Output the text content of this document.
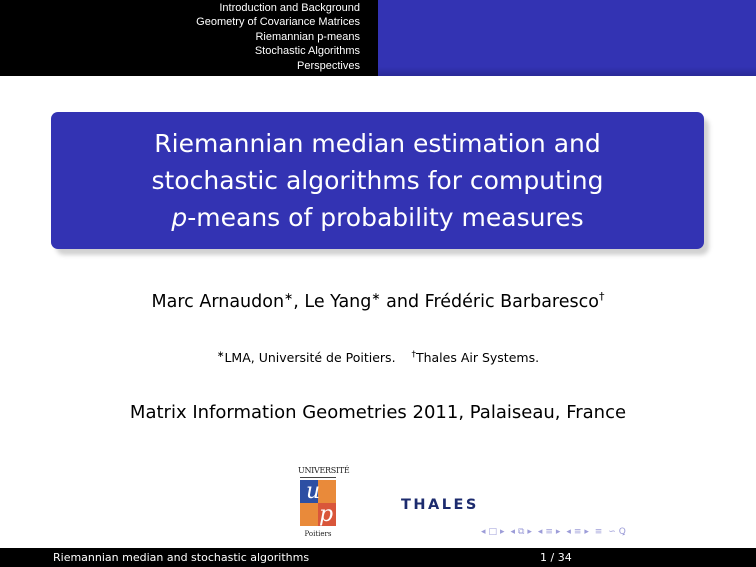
Introduction and Background
Geometry of Covariance Matrices
Riemannian p-means
Stochastic Algorithms
Perspectives
Riemannian median estimation and
stochastic algorithms for computing
p-means of probability measures
Marc Arnaudon∗, Le Yang∗ and Frédéric Barbaresco†
∗LMA, Université de Poitiers. †Thales Air Systems.
Matrix Information Geometries 2011, Palaiseau, France
UNIVERSITÉ
u
p
Poitiers
THALES
◂ □ ▸ ◂ ⧉ ▸ ◂ ≡ ▸ ◂ ≡ ▸ ≡ ∽ Ꝗ
Riemannian median and stochastic algorithms	1 / 34
